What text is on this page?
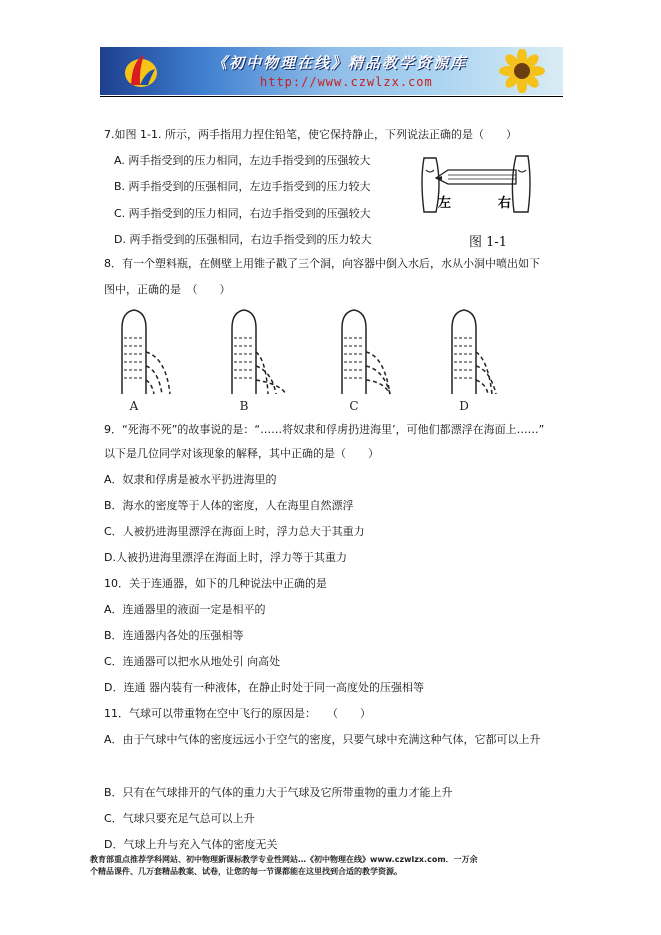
《初中物理在线》精品教学资源库
http://www.czwlzx.com
7.如图 1-1. 所示，两手指用力捏住铅笔，使它保持静止，下列说法正确的是（　　）
A. 两手指受到的压力相同，左边手指受到的压强较大
B. 两手指受到的压强相同，左边手指受到的压力较大
C. 两手指受到的压力相同，右边手指受到的压强较大
D. 两手指受到的压强相同，右边手指受到的压力较大
左	右
图 1-1
8．有一个塑料瓶，在侧壁上用锥子戳了三个洞，向容器中倒入水后，水从小洞中喷出如下
图中，正确的是　（　　）
A	B	C	D
9．“死海不死”的故事说的是：“……将奴隶和俘虏扔进海里’，可他们都漂浮在海面上……”
以下是几位同学对该现象的解释，其中正确的是（　　）
A．奴隶和俘虏是被水平扔进海里的
B．海水的密度等于人体的密度，人在海里自然漂浮
C．人被扔进海里漂浮在海面上时，浮力总大于其重力
D.人被扔进海里漂浮在海面上时，浮力等于其重力
10．关于连通器，如下的几种说法中正确的是
A．连通器里的液面一定是相平的
B．连通器内各处的压强相等
C．连通器可以把水从地处引 向高处
D．连通 器内装有一种液体，在静止时处于同一高度处的压强相等
11．气球可以带重物在空中飞行的原因是：　　（　　）
A．由于气球中气体的密度远远小于空气的密度，只要气球中充满这种气体，它都可以上升
B．只有在气球排开的气体的重力大于气球及它所带重物的重力才能上升
C．气球只要充足气总可以上升
D．气球上升与充入气体的密度无关
教育部重点推荐学科网站、初中物理新课标教学专业性网站…《初中物理在线》www.czwlzx.com．一万余
个精品课件、几万套精品教案、试卷，让您的每一节课都能在这里找到合适的教学资源。
